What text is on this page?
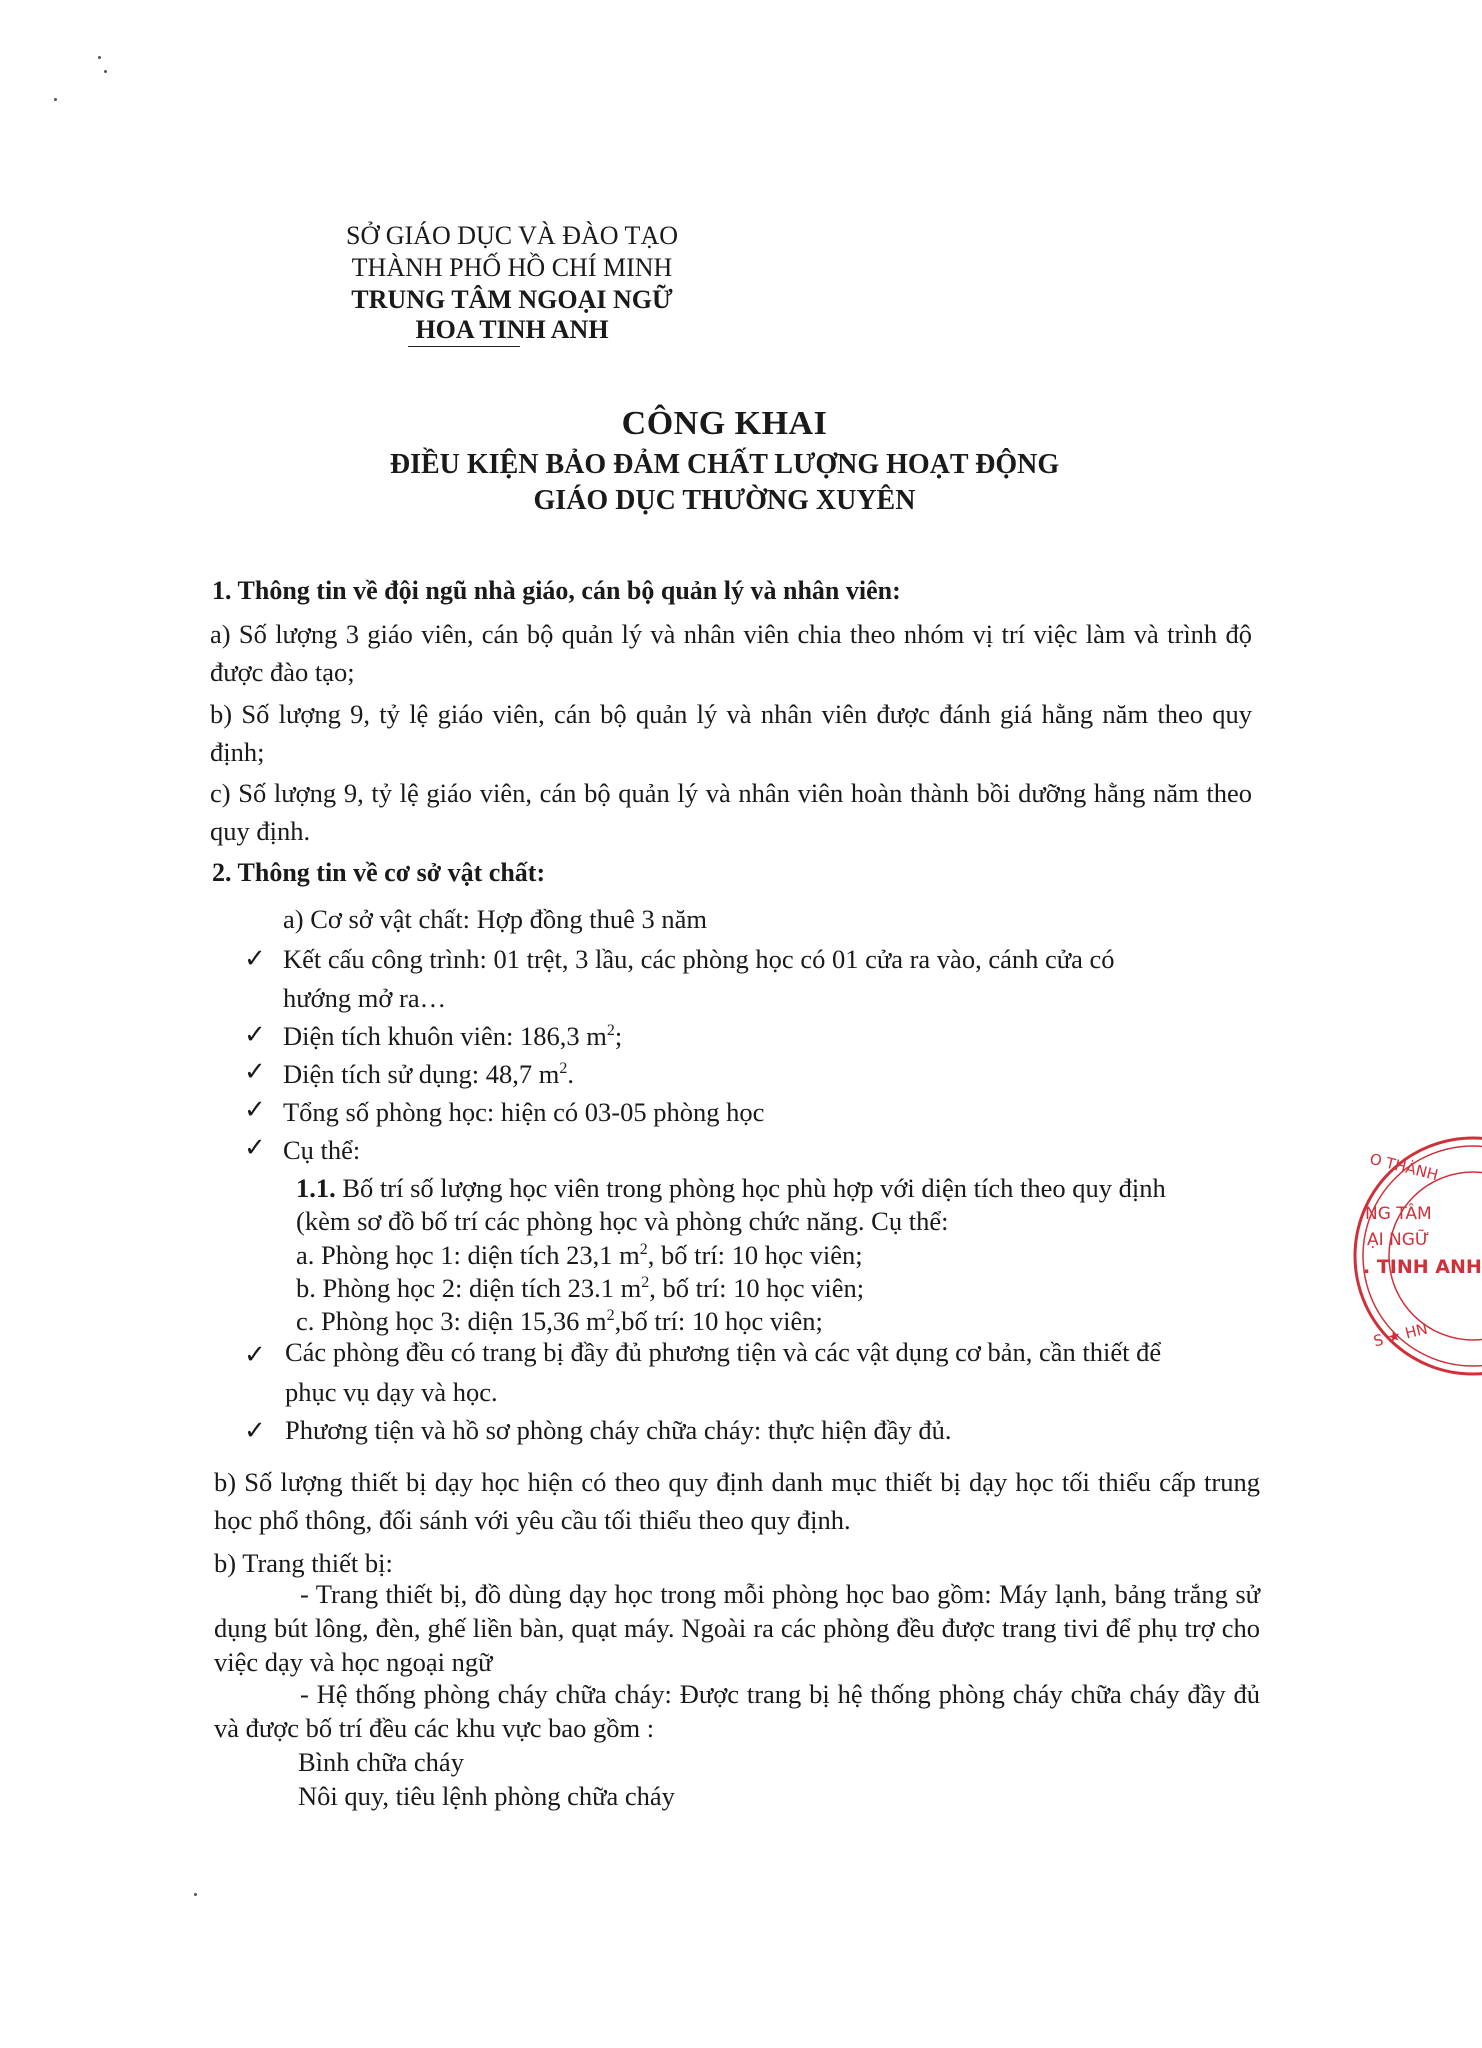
SỞ GIÁO DỤC VÀ ĐÀO TẠO
THÀNH PHỐ HỒ CHÍ MINH
TRUNG TÂM NGOẠI NGỮ
HOA TINH ANH
CÔNG KHAI
ĐIỀU KIỆN BẢO ĐẢM CHẤT LƯỢNG HOẠT ĐỘNG
GIÁO DỤC THƯỜNG XUYÊN
1. Thông tin về đội ngũ nhà giáo, cán bộ quản lý và nhân viên:
a) Số lượng 3 giáo viên, cán bộ quản lý và nhân viên chia theo nhóm vị trí việc làm và trình độ được đào tạo;
b) Số lượng 9, tỷ lệ giáo viên, cán bộ quản lý và nhân viên được đánh giá hằng năm theo quy định;
c) Số lượng 9, tỷ lệ giáo viên, cán bộ quản lý và nhân viên hoàn thành bồi dưỡng hằng năm theo quy định.
2. Thông tin về cơ sở vật chất:
a) Cơ sở vật chất: Hợp đồng thuê 3 năm
✓ Kết cấu công trình: 01 trệt, 3 lầu, các phòng học có 01 cửa ra vào, cánh cửa có
hướng mở ra…
✓ Diện tích khuôn viên: 186,3 $m^2$;
✓ Diện tích sử dụng: 48,7 $m^2$.
✓ Tổng số phòng học: hiện có 03-05 phòng học
✓ Cụ thể:
1.1. Bố trí số lượng học viên trong phòng học phù hợp với diện tích theo quy định
(kèm sơ đồ bố trí các phòng học và phòng chức năng. Cụ thể:
a. Phòng học 1: diện tích 23,1 $m^2$, bố trí: 10 học viên;
b. Phòng học 2: diện tích 23.1 $m^2$, bố trí: 10 học viên;
c. Phòng học 3: diện 15,36 $m^2,bố$ trí: 10 học viên;
✓ Các phòng đều có trang bị đầy đủ phương tiện và các vật dụng cơ bản, cần thiết để
phục vụ dạy và học.
✓ Phương tiện và hồ sơ phòng cháy chữa cháy: thực hiện đầy đủ.
b) Số lượng thiết bị dạy học hiện có theo quy định danh mục thiết bị dạy học tối thiểu cấp trung học phổ thông, đối sánh với yêu cầu tối thiểu theo quy định.
b) Trang thiết bị:
- Trang thiết bị, đồ dùng dạy học trong mỗi phòng học bao gồm: Máy lạnh, bảng trắng sử dụng bút lông, đèn, ghế liền bàn, quạt máy. Ngoài ra các phòng đều được trang tivi để phụ trợ cho việc dạy và học ngoại ngữ
- Hệ thống phòng cháy chữa cháy: Được trang bị hệ thống phòng cháy chữa cháy đầy đủ và được bố trí đều các khu vực bao gồm :
Bình chữa cháy
Nôi quy, tiêu lệnh phòng chữa cháy
O THÀNH
NG TÂM
ẠI NGỮ
. TINH ANH
S ★ HN
